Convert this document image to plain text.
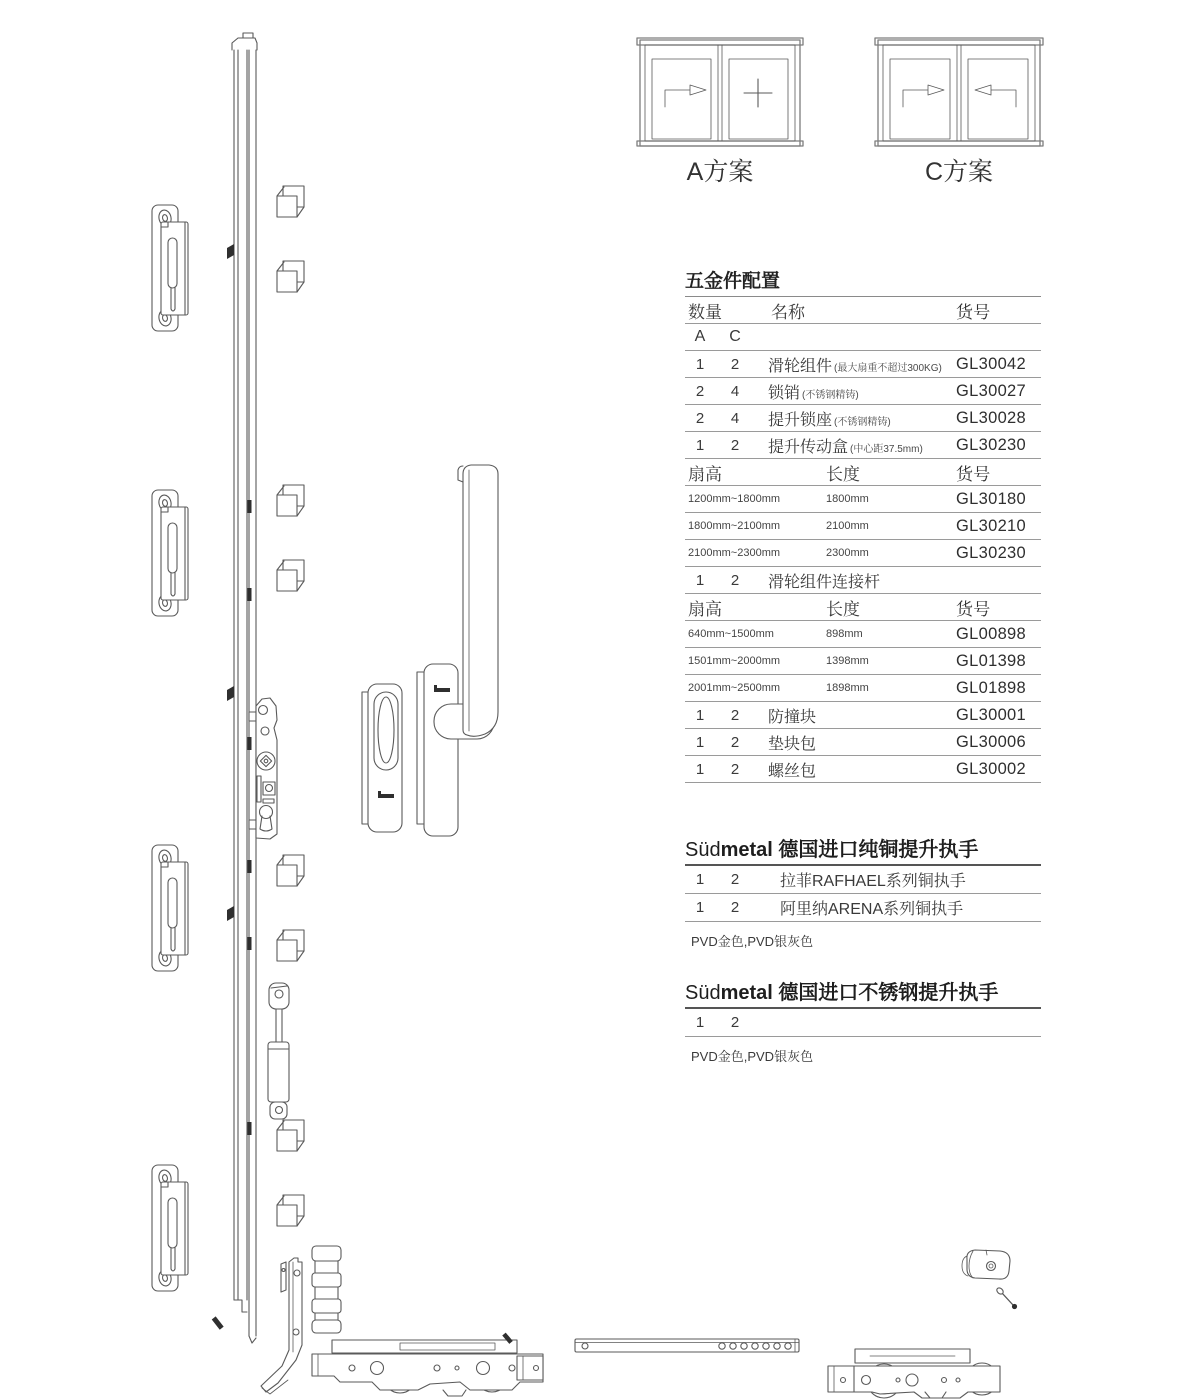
A方案	C方案
五金件配置
数量	名称	货号
A	C
1	2	滑轮组件 (最大扇重不超过300KG) GL30042
2	4	锁销 (不锈钢精铸)	GL30027
2	4	提升锁座 (不锈钢精铸)	GL30028
1	2	提升传动盒 (中心距37.5mm) GL30230
扇高	长度	货号
1200mm~1800mm	1800mm	GL30180
1800mm~2100mm	2100mm	GL30210
2100mm~2300mm	2300mm	GL30230
1	2	滑轮组件连接杆
扇高	长度	货号
640mm~1500mm	898mm	GL00898
1501mm~2000mm	1398mm	GL01398
2001mm~2500mm	1898mm	GL01898
1	2	防撞块	GL30001
1	2	垫块包	GL30006
1	2	螺丝包	GL30002
Südmetal 德国进口纯铜提升执手
1	2	拉菲RAFHAEL系列铜执手
1	2	阿里纳ARENA系列铜执手
PVD金色,PVD银灰色
Südmetal 德国进口不锈钢提升执手
1	2
PVD金色,PVD银灰色
